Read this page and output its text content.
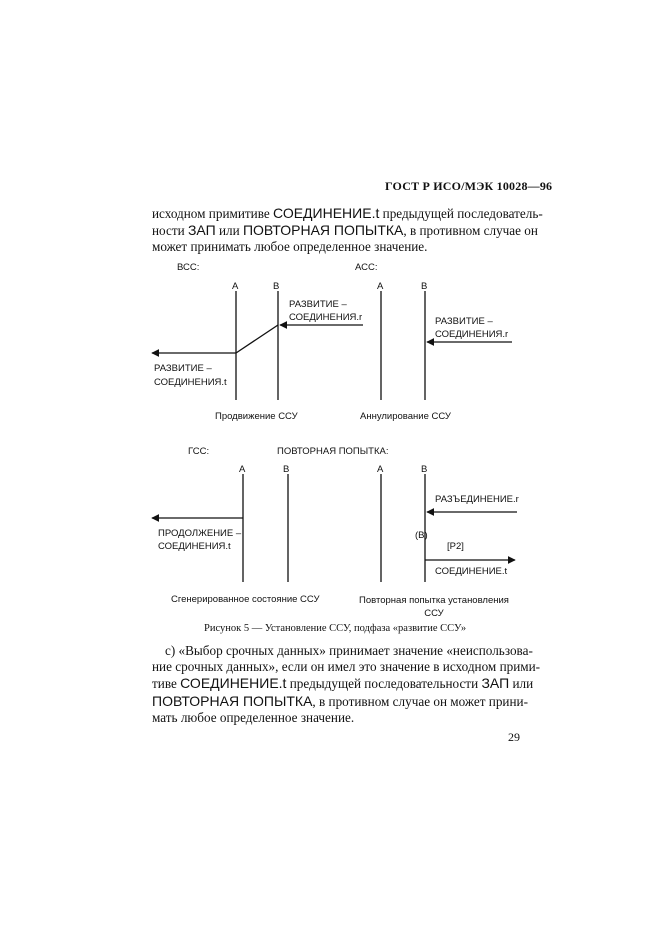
ГОСТ Р ИСО/МЭК 10028—96
исходном примитиве СОЕДИНЕНИЕ.t предыдущей последователь-
ности ЗАП или ПОВТОРНАЯ ПОПЫТКА, в противном случае он
может принимать любое определенное значение.
ВСС:
A	B
РАЗВИТИЕ –
СОЕДИНЕНИЯ.r
РАЗВИТИЕ –
СОЕДИНЕНИЯ.t
Продвижение ССУ
АСС:
A	B
РАЗВИТИЕ –
СОЕДИНЕНИЯ.r
Аннулирование ССУ
ГСС:
A	B
ПРОДОЛЖЕНИЕ –
СОЕДИНЕНИЯ.t
Сгенерированное состояние ССУ
ПОВТОРНАЯ ПОПЫТКА:
A	B
РАЗЪЕДИНЕНИЕ.r
(B)
[P2]
СОЕДИНЕНИЕ.t
Повторная попытка установления
ССУ
Рисунок 5 — Установление ССУ, подфаза «развитие ССУ»
c) «Выбор срочных данных» принимает значение «неиспользова-
ние срочных данных», если он имел это значение в исходном прими-
тиве СОЕДИНЕНИЕ.t предыдущей последовательности ЗАП или
ПОВТОРНАЯ ПОПЫТКА, в противном случае он может прини-
мать любое определенное значение.
29
